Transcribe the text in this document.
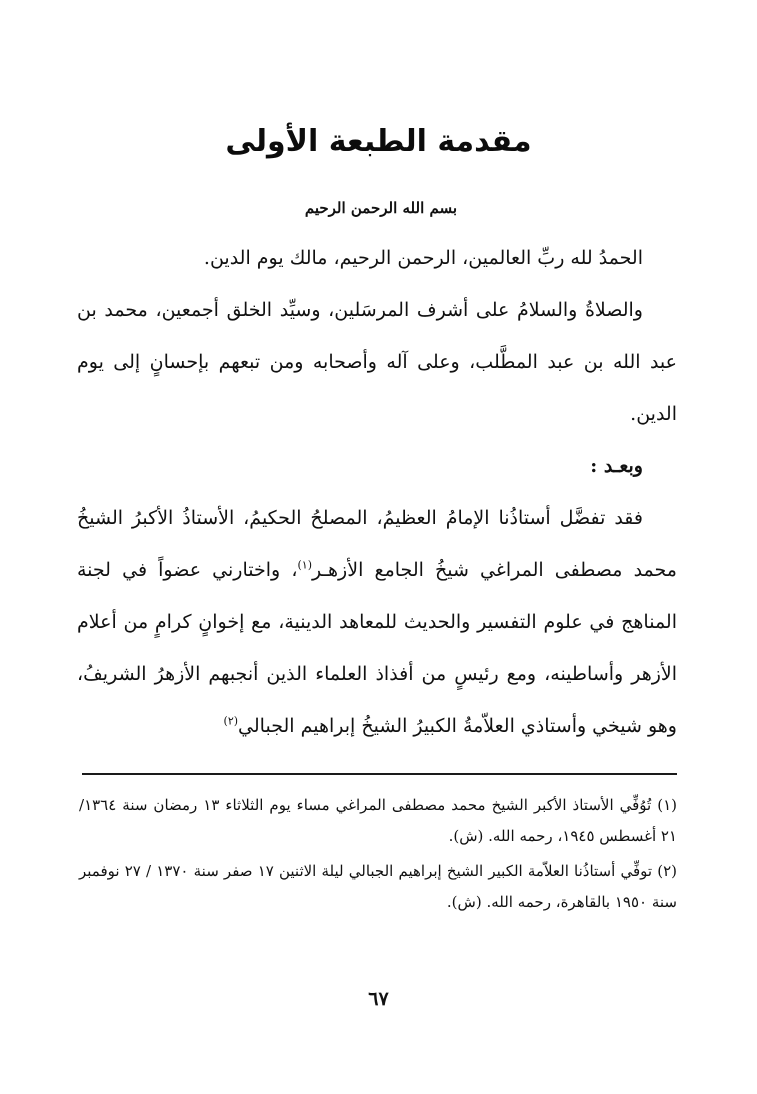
مقدمة الطبعة الأولى
بسم الله الرحمن الرحيم

الحمدُ لله ربِّ العالمين، الرحمن الرحيم، مالك يوم الدين.

والصلاةُ والسلامُ على أشرف المرسَلين، وسيِّد الخلق أجمعين، محمد بن عبد الله بن عبد المطَّلب، وعلى آله وأصحابه ومن تبعهم بإحسانٍ إلى يوم الدين.

وبعـد :

فقد تفضَّل أستاذُنا الإمامُ العظيمُ، المصلحُ الحكيمُ، الأستاذُ الأكبرُ الشيخُ محمد مصطفى المراغي شيخُ الجامع الأزهـر$^{(١)}$، واختارني عضواً في لجنة المناهج في علوم التفسير والحديث للمعاهد الدينية، مع إخوانٍ كرامٍ من أعلام الأزهر وأساطينه، ومع رئيسٍ من أفذاذ العلماء الذين أنجبهم الأزهرُ الشريفُ، وهو شيخي وأستاذي العلاّمةُ الكبيرُ الشيخُ إبراهيم الجبالي$^{(٢)}$

(١) تُوُفِّي الأستاذ الأكبر الشيخ محمد مصطفى المراغي مساء يوم الثلاثاء ١٣ رمضان سنة ١٣٦٤/ ٢١ أغسطس ١٩٤٥، رحمه الله. (ش).

(٢) توفِّي أستاذُنا العلاّمة الكبير الشيخ إبراهيم الجبالي ليلة الاثنين ١٧ صفر سنة ١٣٧٠ / ٢٧ نوفمبر سنة ١٩٥٠ بالقاهرة، رحمه الله. (ش).

٦٧
